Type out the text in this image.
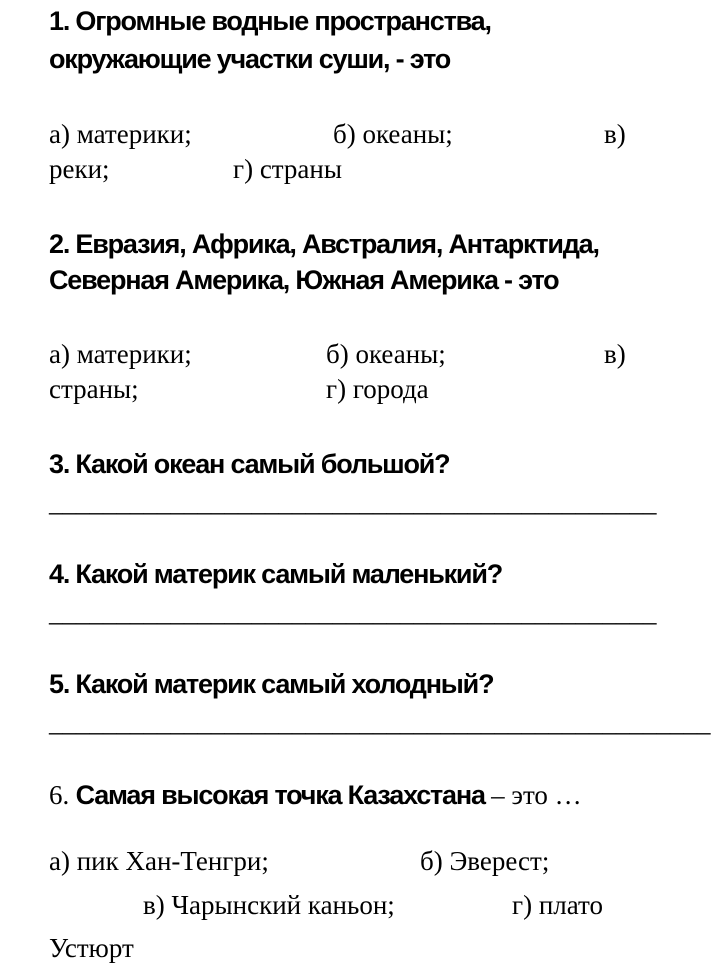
1. Огромные водные пространства,
окружающие участки суши, - это
а) материки;	б) океаны;	в)
реки;	г) страны
2. Евразия, Африка, Австралия, Антарктида,
Северная Америка, Южная Америка - это
а) материки;	б) океаны;	в)
страны;	г) города
3. Какой океан самый большой?
_____________________________________________
4. Какой материк самый маленький?
_____________________________________________
5. Какой материк самый холодный?
_________________________________________________
6. Самая высокая точка Казахстана – это …
а) пик Хан-Тенгри;	б) Эверест;
в) Чарынский каньон;	г) плато
Устюрт
